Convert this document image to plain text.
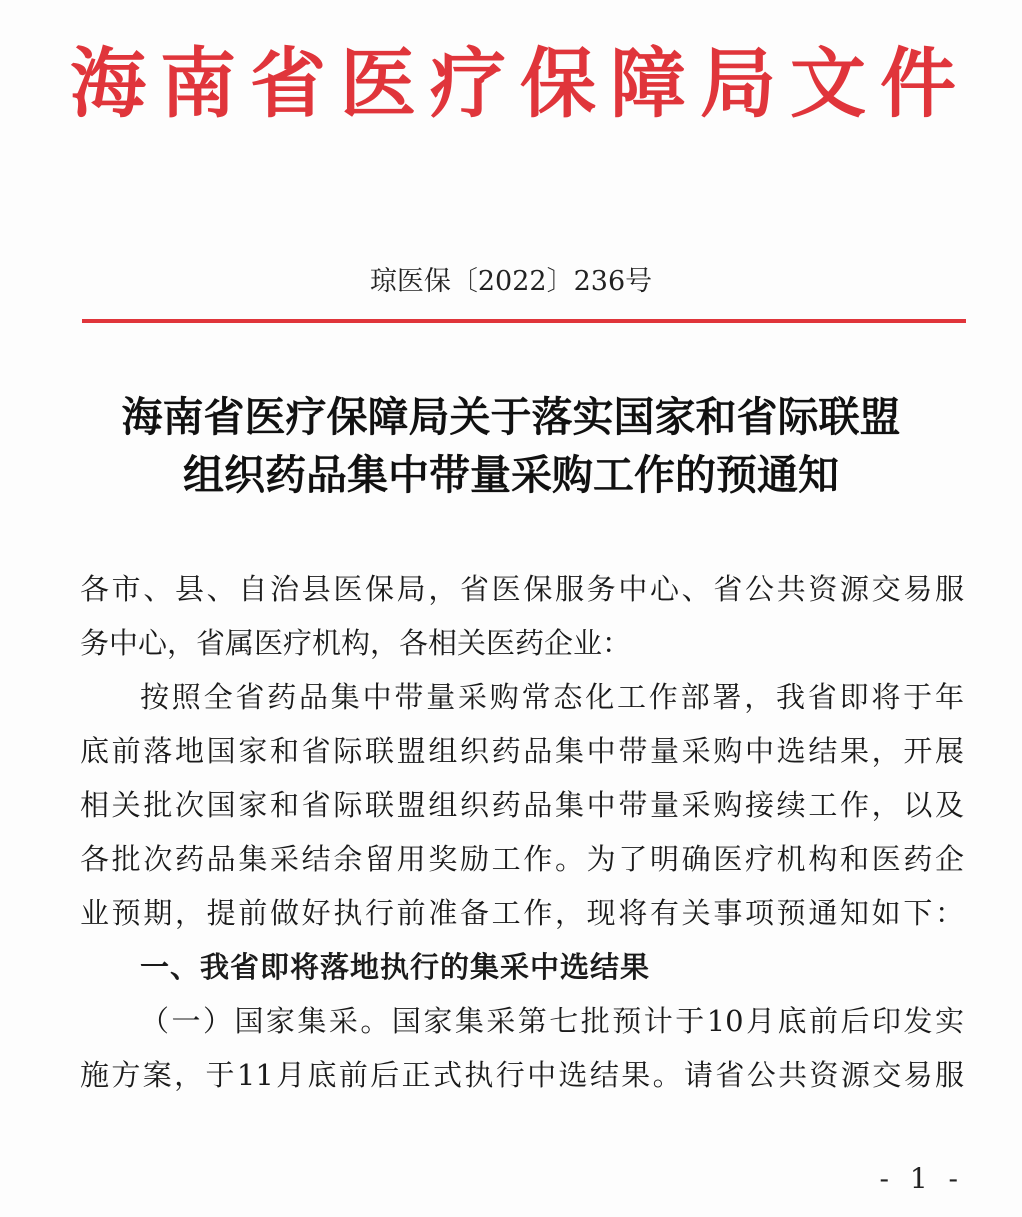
海南省医疗保障局文件
琼医保〔2022〕236号
海南省医疗保障局关于落实国家和省际联盟
组织药品集中带量采购工作的预通知
各市、县、自治县医保局，省医保服务中心、省公共资源交易服
务中心，省属医疗机构，各相关医药企业：
按照全省药品集中带量采购常态化工作部署，我省即将于年
底前落地国家和省际联盟组织药品集中带量采购中选结果，开展
相关批次国家和省际联盟组织药品集中带量采购接续工作，以及
各批次药品集采结余留用奖励工作。为了明确医疗机构和医药企
业预期，提前做好执行前准备工作，现将有关事项预通知如下：
一、我省即将落地执行的集采中选结果
（一）国家集采。国家集采第七批预计于10月底前后印发实
施方案，于11月底前后正式执行中选结果。请省公共资源交易服
- 1 -
